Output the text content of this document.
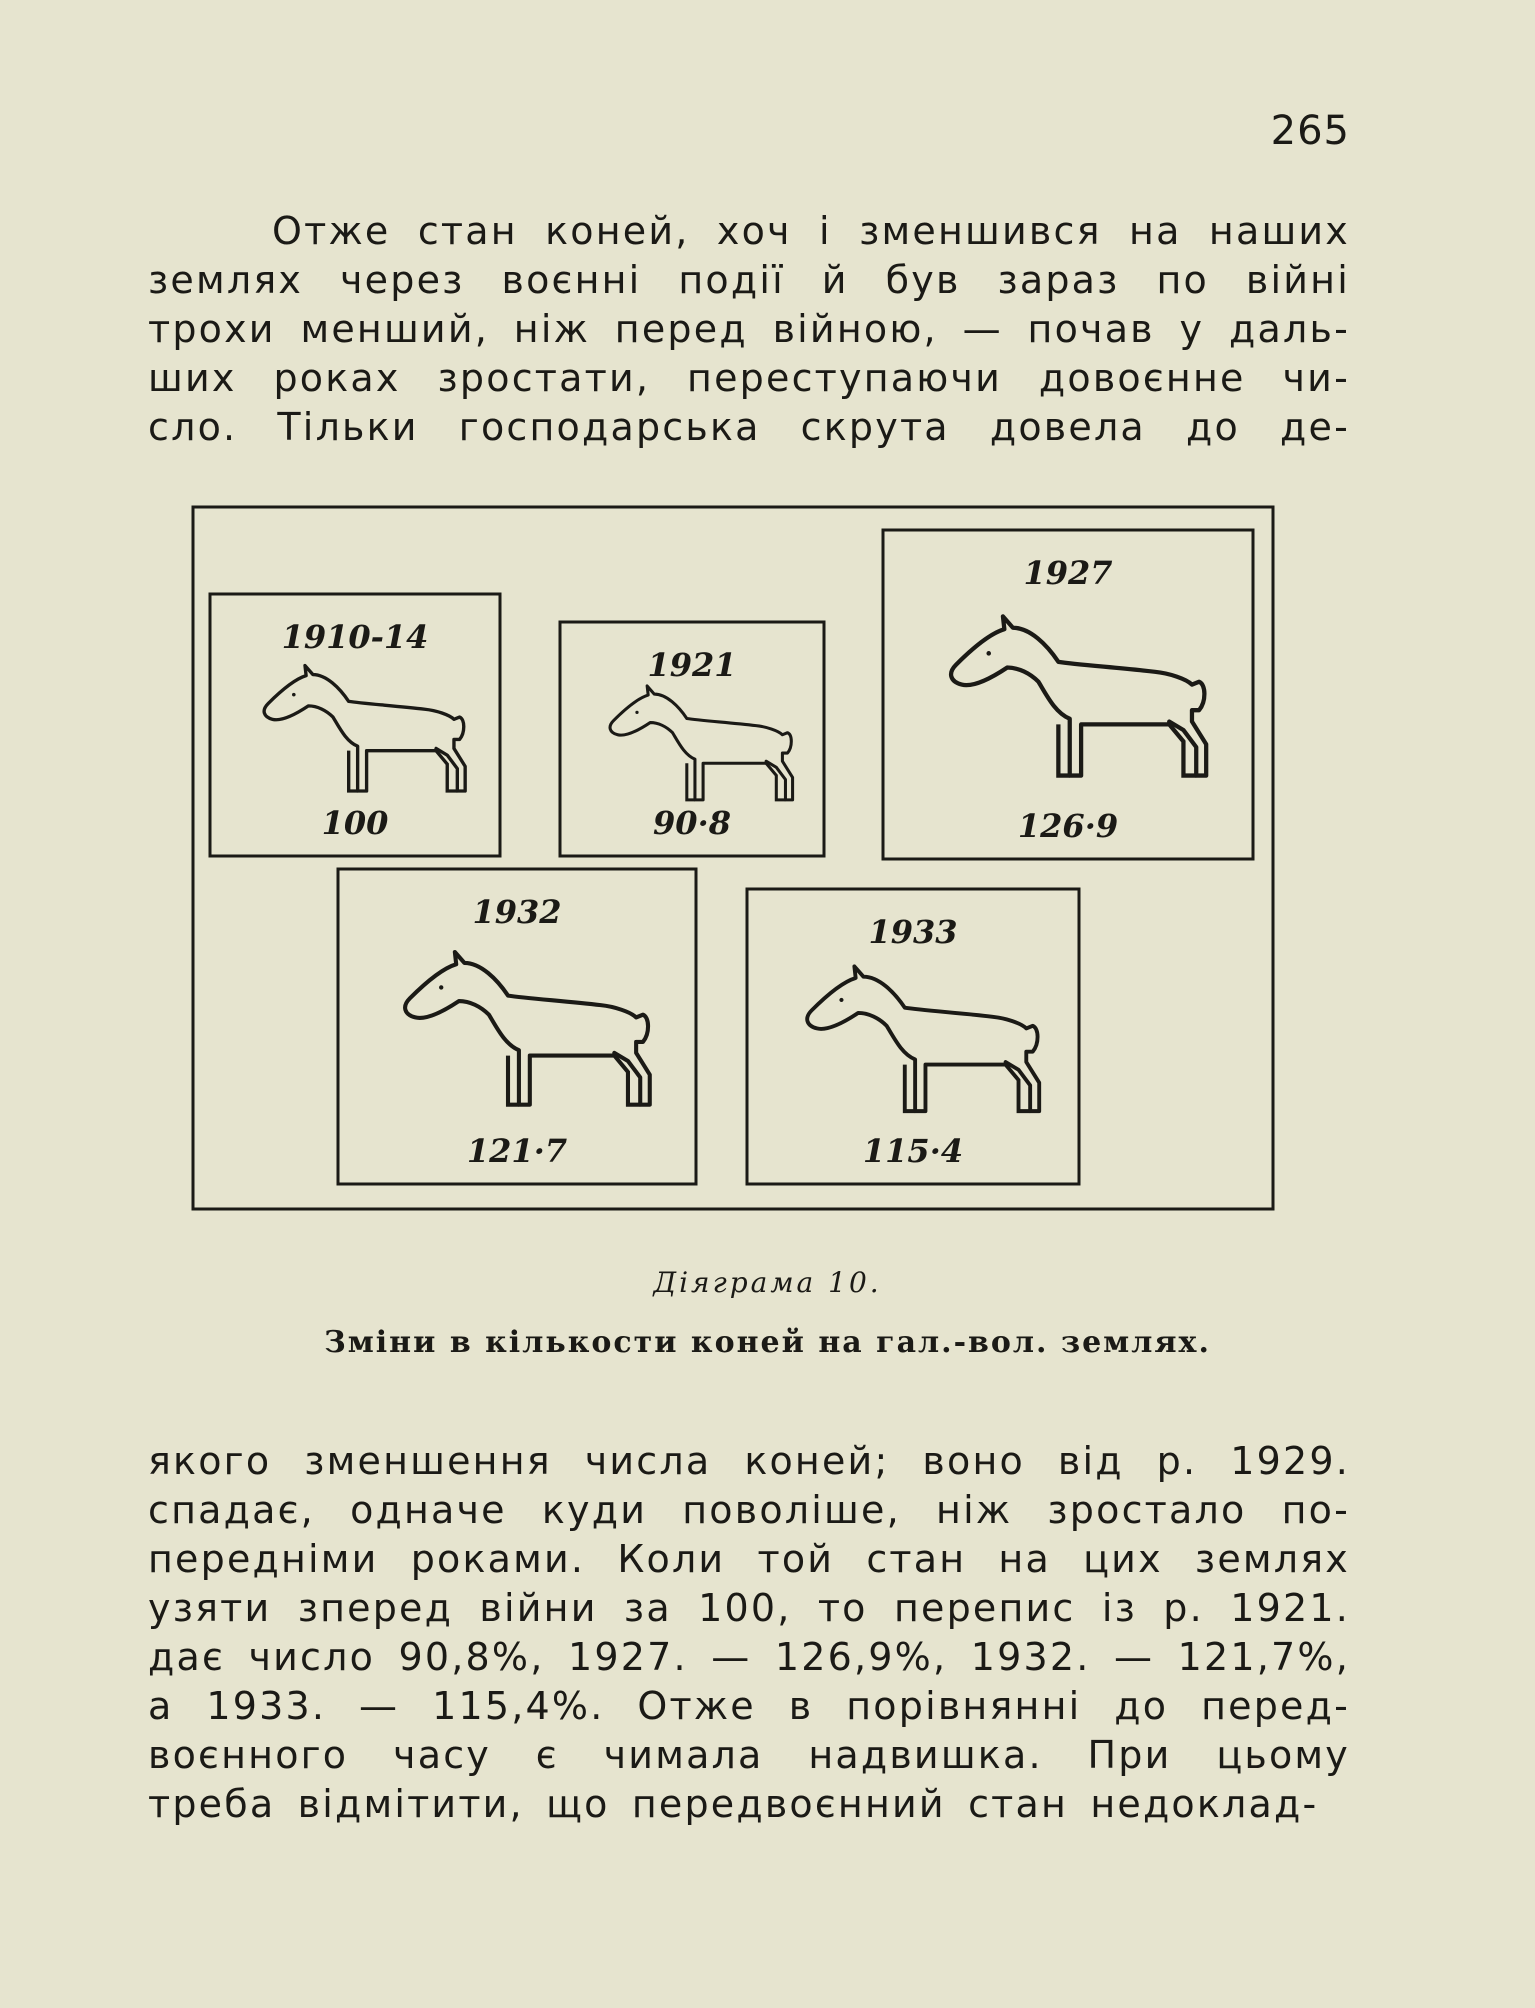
265
Отже стан коней, хоч і зменшився на наших
землях через воєнні події й був зараз по війні
трохи менший, ніж перед війною, — почав у даль-
ших роках зростати, переступаючи довоєнне чи-
сло. Тільки господарська скрута довела до де-
1910-14
100
1921
90·8
1927
126·9
1932
121·7
1933
115·4
Діяграма 10.
Зміни в кількости коней на гал.-вол. землях.
якого зменшення числа коней; воно від р. 1929.
спадає, одначе куди поволіше, ніж зростало по-
передніми роками. Коли той стан на цих землях
узяти зперед війни за 100, то перепис із р. 1921.
дає число 90,8%, 1927. — 126,9%, 1932. — 121,7%,
а 1933. — 115,4%. Отже в порівнянні до перед-
воєнного часу є чимала надвишка. При цьому
треба відмітити, що передвоєнний стан недоклад-
